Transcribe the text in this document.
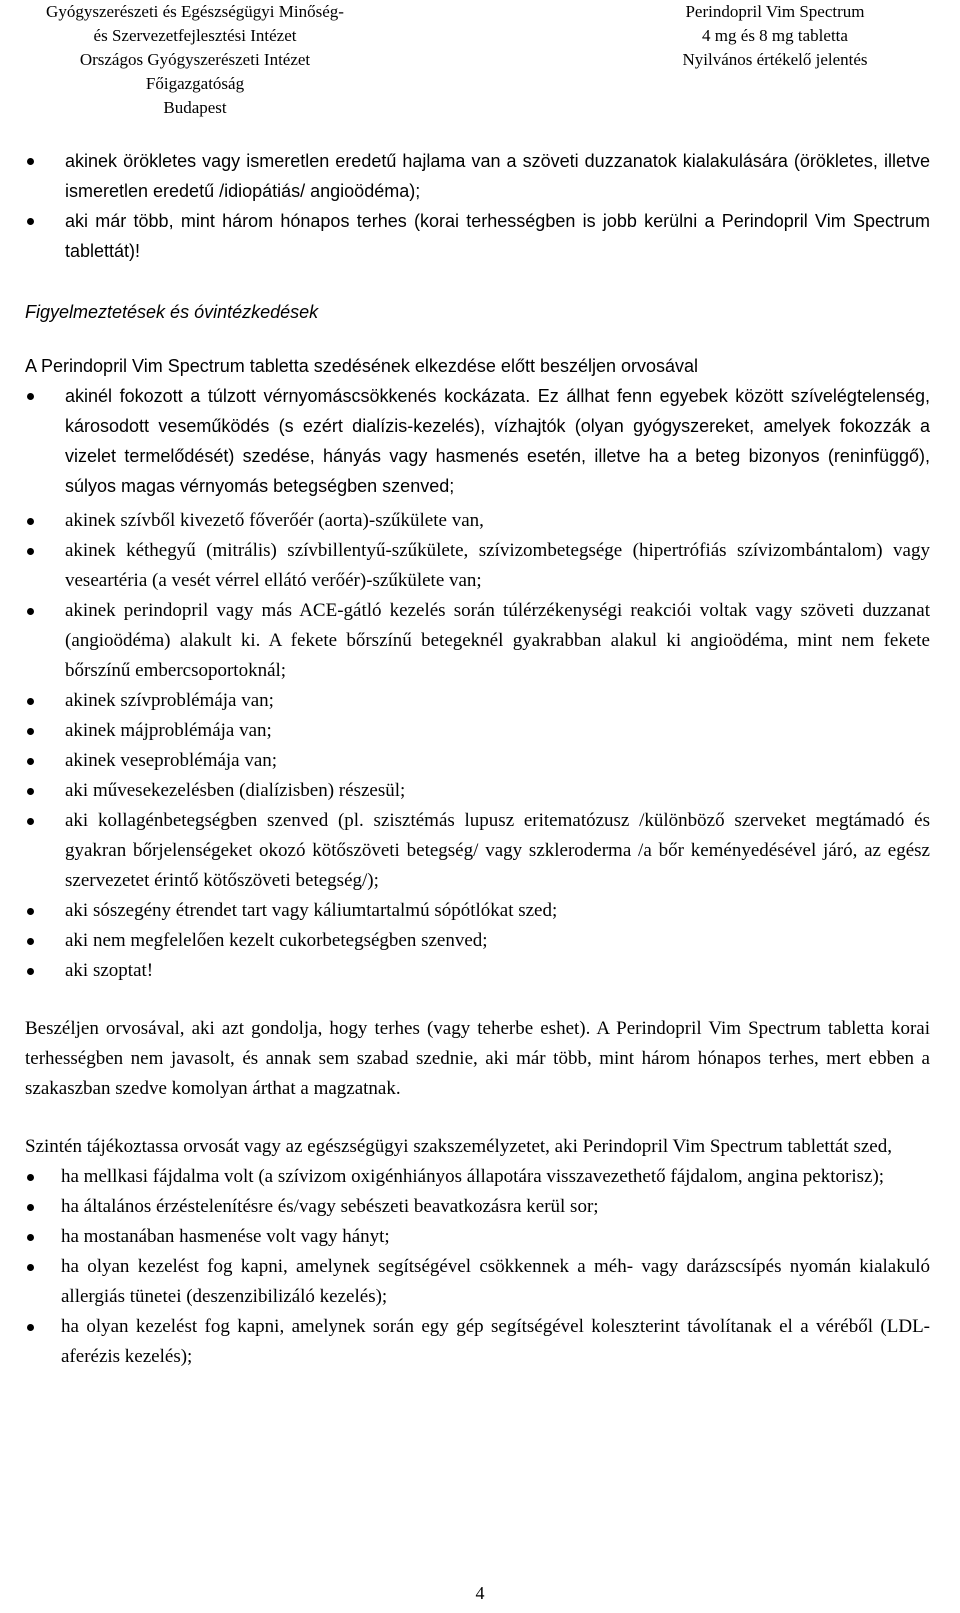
Gyógyszerészeti és Egészségügyi Minőség-
és Szervezetfejlesztési Intézet
Országos Gyógyszerészeti Intézet
Főigazgatóság
Budapest
Perindopril Vim Spectrum
4 mg és 8 mg tabletta
Nyilvános értékelő jelentés
akinek örökletes vagy ismeretlen eredetű hajlama van a szöveti duzzanatok kialakulására (örökletes, illetve ismeretlen eredetű /idiopátiás/ angioödéma);
aki már több, mint három hónapos terhes (korai terhességben is jobb kerülni a Perindopril Vim Spectrum tablettát)!

Figyelmeztetések és óvintézkedések

A Perindopril Vim Spectrum tabletta szedésének elkezdése előtt beszéljen orvosával

akinél fokozott a túlzott vérnyomáscsökkenés kockázata. Ez állhat fenn egyebek között szívelégtelenség, károsodott veseműködés (s ezért dialízis-kezelés), vízhajtók (olyan gyógyszereket, amelyek fokozzák a vizelet termelődését) szedése, hányás vagy hasmenés esetén, illetve ha a beteg bizonyos (reninfüggő), súlyos magas vérnyomás betegségben szenved;
akinek szívből kivezető főverőér (aorta)-szűkülete van,
akinek kéthegyű (mitrális) szívbillentyű-szűkülete, szívizombetegsége (hipertrófiás szívizombántalom) vagy veseartéria (a vesét vérrel ellátó verőér)-szűkülete van;
akinek perindopril vagy más ACE-gátló kezelés során túlérzékenységi reakciói voltak vagy szöveti duzzanat (angioödéma) alakult ki. A fekete bőrszínű betegeknél gyakrabban alakul ki angioödéma, mint nem fekete bőrszínű embercsoportoknál;
akinek szívproblémája van;
akinek májproblémája van;
akinek veseproblémája van;
aki művesekezelésben (dialízisben) részesül;
aki kollagénbetegségben szenved (pl. szisztémás lupusz eritematózusz /különböző szerveket megtámadó és gyakran bőrjelenségeket okozó kötőszöveti betegség/ vagy szkleroderma /a bőr keményedésével járó, az egész szervezetet érintő kötőszöveti betegség/);
aki sószegény étrendet tart vagy káliumtartalmú sópótlókat szed;
aki nem megfelelően kezelt cukorbetegségben szenved;
aki szoptat!

Beszéljen orvosával, aki azt gondolja, hogy terhes (vagy teherbe eshet). A Perindopril Vim Spectrum tabletta korai terhességben nem javasolt, és annak sem szabad szednie, aki már több, mint három hónapos terhes, mert ebben a szakaszban szedve komolyan árthat a magzatnak.

Szintén tájékoztassa orvosát vagy az egészségügyi szakszemélyzetet, aki Perindopril Vim Spectrum tablettát szed,

ha mellkasi fájdalma volt (a szívizom oxigénhiányos állapotára visszavezethető fájdalom, angina pektorisz);
ha általános érzéstelenítésre és/vagy sebészeti beavatkozásra kerül sor;
ha mostanában hasmenése volt vagy hányt;
ha olyan kezelést fog kapni, amelynek segítségével csökkennek a méh- vagy darázscsípés nyomán kialakuló allergiás tünetei (deszenzibilizáló kezelés);
ha olyan kezelést fog kapni, amelynek során egy gép segítségével koleszterint távolítanak el a véréből (LDL-aferézis kezelés);
4
